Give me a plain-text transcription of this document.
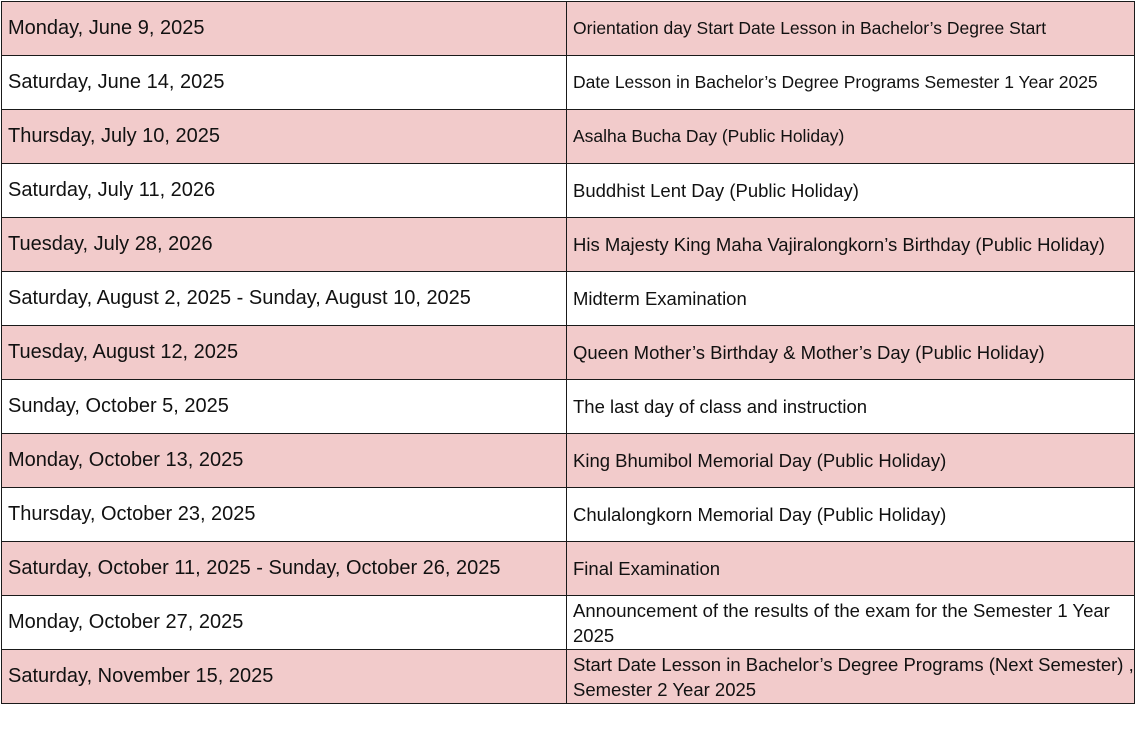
Monday, June 9, 2025	Orientation day Start Date Lesson in Bachelor’s Degree Start
Saturday, June 14, 2025	Date Lesson in Bachelor’s Degree Programs Semester 1 Year 2025
Thursday, July 10, 2025	Asalha Bucha Day (Public Holiday)
Saturday, July 11, 2026	Buddhist Lent Day (Public Holiday)
Tuesday, July 28, 2026	His Majesty King Maha Vajiralongkorn’s Birthday (Public Holiday)
Saturday, August 2, 2025 - Sunday, August 10, 2025	Midterm Examination
Tuesday, August 12, 2025	Queen Mother’s Birthday & Mother’s Day (Public Holiday)
Sunday, October 5, 2025	The last day of class and instruction
Monday, October 13, 2025	King Bhumibol Memorial Day (Public Holiday)
Thursday, October 23, 2025	Chulalongkorn Memorial Day (Public Holiday)
Saturday, October 11, 2025 - Sunday, October 26, 2025	Final Examination
Monday, October 27, 2025	Announcement of the results of the exam for the Semester 1 Year 2025
Saturday, November 15, 2025	Start Date Lesson in Bachelor’s Degree Programs (Next Semester) , Semester 2 Year 2025
